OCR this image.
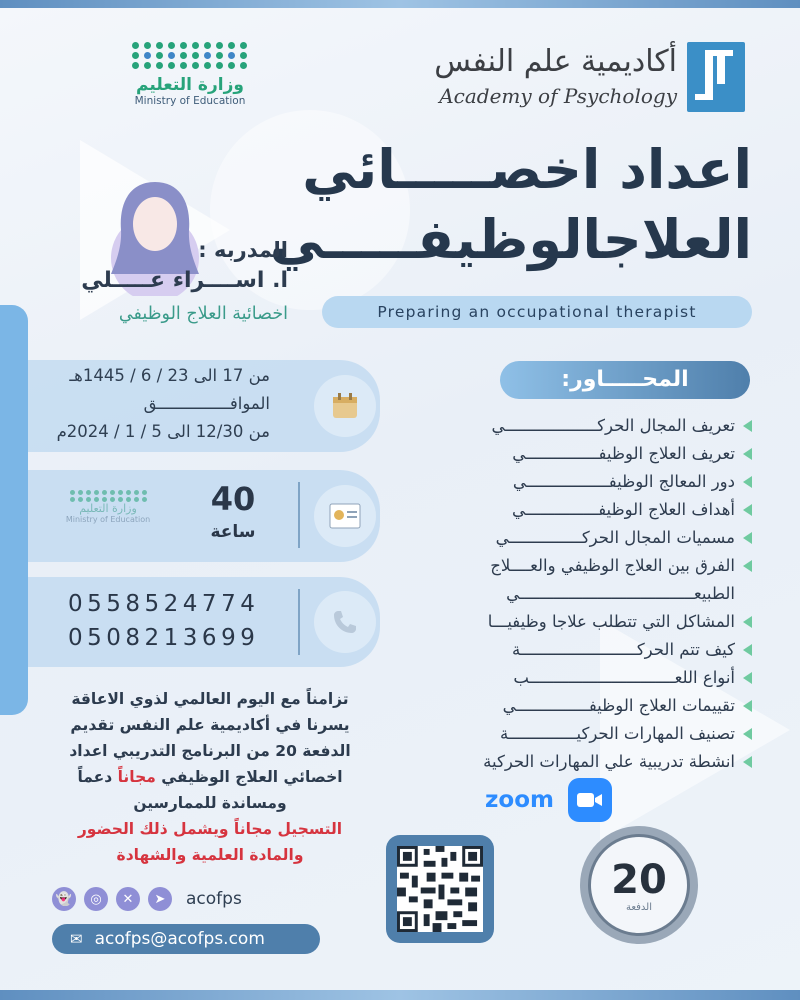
وزارة التعليم
Ministry of Education
أكاديمية علم النفس
Academy of Psychology
اعداد اخصـــــائي
العلاجالوظيفـــــي
Preparing an occupational therapist
المدربه :
ا. اســــراء عـــــلي
اخصائية العلاج الوظيفي
من 17 الى 23 / 6 / 1445هـ
الموافـــــــــــــــق
من 12/30 الى 5 / 1 / 2024م
وزارة التعليم
Ministry of Education
40
ساعة
0558524774
0508213699
المحـــــاور:
تعريف المجال الحركـــــــــــــــــــي
تعريف العلاج الوظيفـــــــــــــــي
دور المعالج الوظيفـــــــــــــــــي
أهداف العلاج الوظيفـــــــــــــــي
مسميات المجال الحركـــــــــــــــي
الفرق بين العلاج الوظيفي والعــــلاج الطبيعــــــــــــــــــــــــــــــــــــي
المشاكل التي تتطلب علاجا وظيفيـــا
كيف تتم الحركــــــــــــــــــــــــة
أنواع اللعــــــــــــــــــــــــــــــب
تقييمات العلاج الوظيفـــــــــــــــي
تصنيف المهارات الحركيــــــــــــــة
انشطة تدريبية علي المهارات الحركية
تزامناً مع اليوم العالمي لذوي الاعاقة
يسرنا في أكاديمية علم النفس تقديم
الدفعة 20 من البرنامج التدريبي اعداد
اخصائي العلاج الوظيفي مجاناً دعماً
ومساندة للممارسين
التسجيل مجاناً ويشمل ذلك الحضور
والمادة العلمية والشهادة
👻	◎	✕	➤	acofps
✉ acofps@acofps.com
zoom
20
الدفعة
